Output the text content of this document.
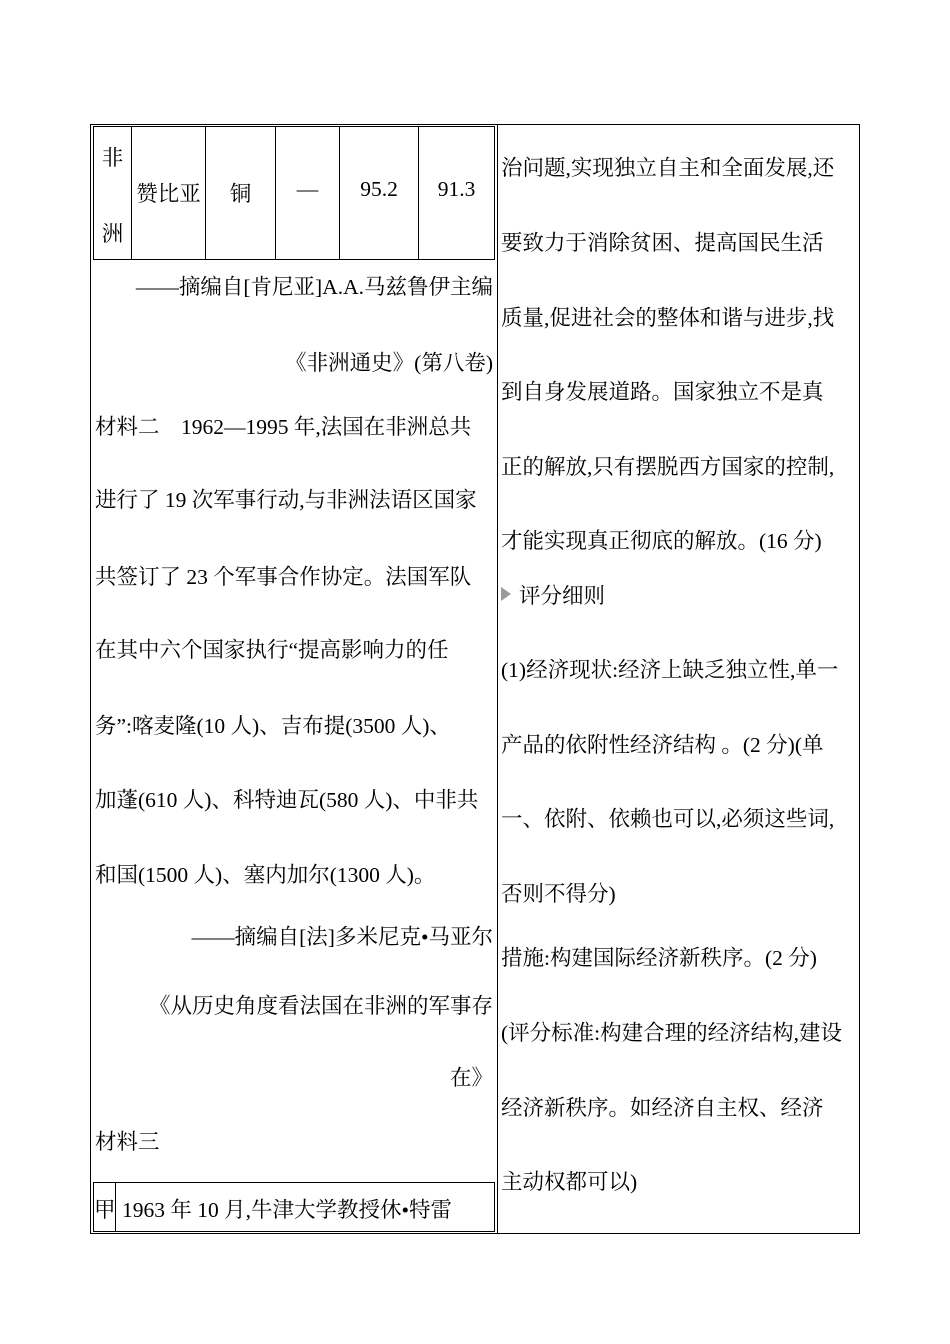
非
洲
赞比亚	铜	—	95.2	91.3
——摘编自[肯尼亚]A.A.马兹鲁伊主编
《非洲通史》(第八卷)
材料二　1962—1995 年,法国在非洲总共
进行了 19 次军事行动,与非洲法语区国家
共签订了 23 个军事合作协定。法国军队
在其中六个国家执行“提高影响力的任
务”:喀麦隆(10 人)、吉布提(3500 人)、
加蓬(610 人)、科特迪瓦(580 人)、中非共
和国(1500 人)、塞内加尔(1300 人)。
——摘编自[法]多米尼克•马亚尔
《从历史角度看法国在非洲的军事存
在》
材料三
甲 1963 年 10 月,牛津大学教授休•特雷
治问题,实现独立自主和全面发展,还
要致力于消除贫困、提高国民生活
质量,促进社会的整体和谐与进步,找
到自身发展道路。国家独立不是真
正的解放,只有摆脱西方国家的控制,
才能实现真正彻底的解放。(16 分)
评分细则
(1)经济现状:经济上缺乏独立性,单一
产品的依附性经济结构 。(2 分)(单
一、依附、依赖也可以,必须这些词,
否则不得分)
措施:构建国际经济新秩序。(2 分)
(评分标准:构建合理的经济结构,建设
经济新秩序。如经济自主权、经济
主动权都可以)
